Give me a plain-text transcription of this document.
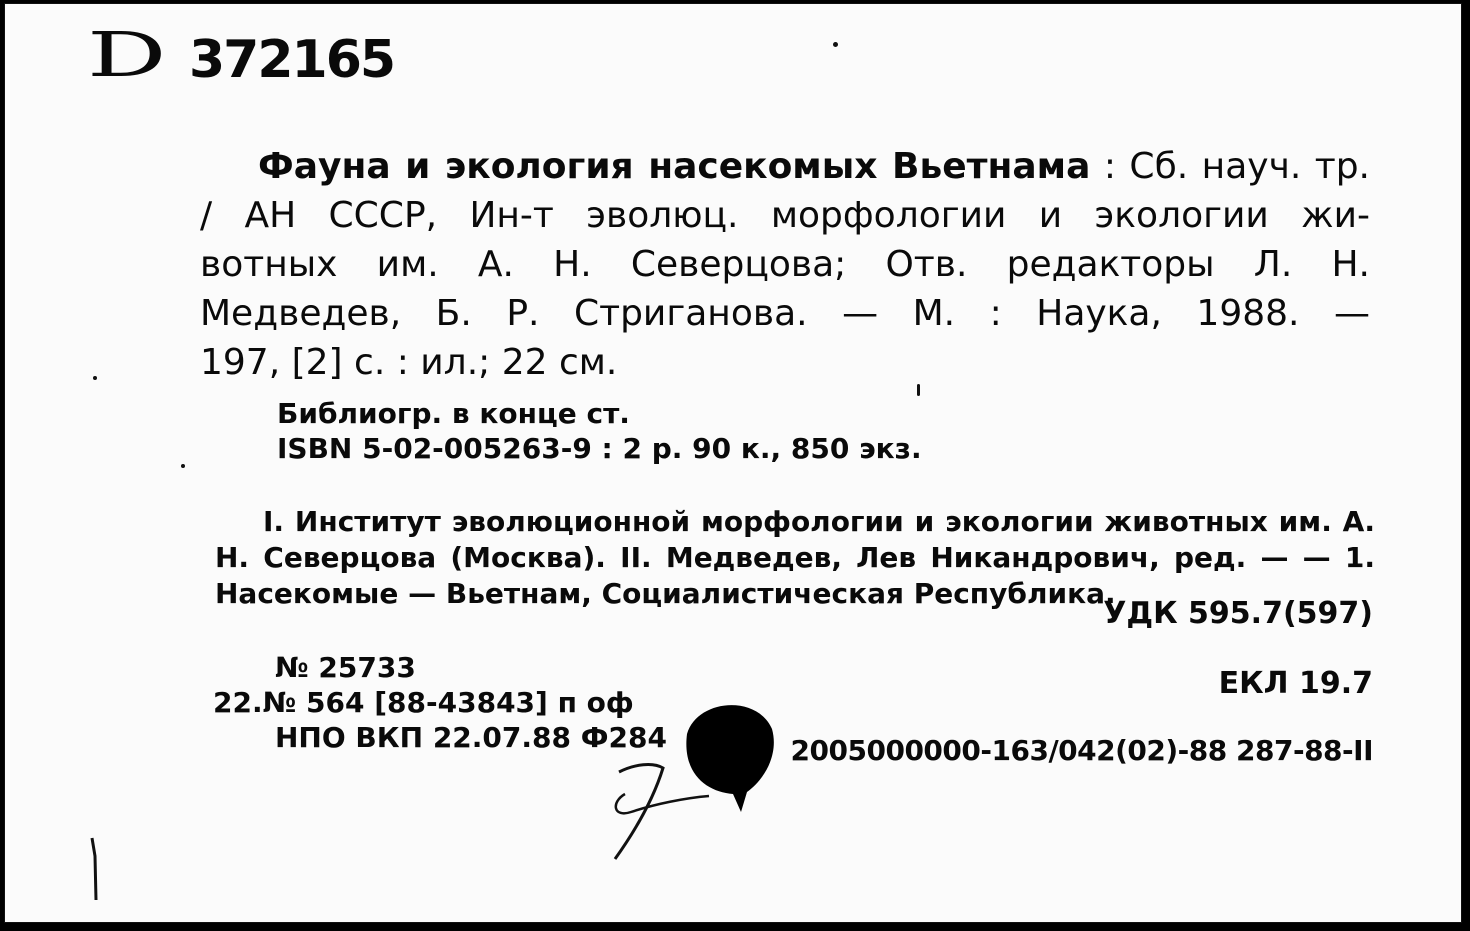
D 372165
Фауна и экология насекомых Вьетнама : Сб. науч. тр.
/ АН СССР, Ин-т эволюц. морфологии и экологии жи-
вотных им. А. Н. Северцова; Отв. редакторы Л. Н.
Медведев, Б. Р. Стриганова. — М. : Наука, 1988. —
197, [2] с. : ил.; 22 см.
Библиогр. в конце ст.
ISBN 5-02-005263-9 : 2 р. 90 к., 850 экз.
I. Институт эволюционной морфологии и экологии животных им. А.
Н. Северцова (Москва). II. Медведев, Лев Никандрович, ред. — — 1.
Насекомые — Вьетнам, Социалистическая Республика.
УДК 595.7(597)
ЕКЛ 19.7
№ 25733
22.№ 564 [88-43843] п оф
НПО ВКП 22.07.88 Ф284	2005000000-163/042(02)-88 287-88-II
